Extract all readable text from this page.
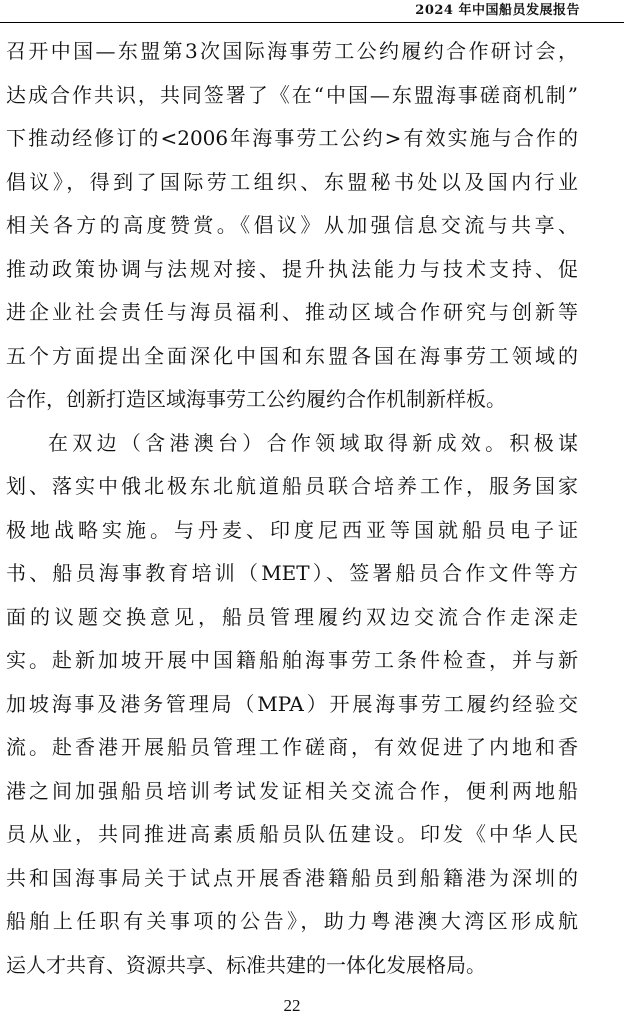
2024 年中国船员发展报告
召开中国—东盟第3次国际海事劳工公约履约合作研讨会，
达成合作共识，共同签署了《在“中国—东盟海事磋商机制”
下推动经修订的<2006年海事劳工公约>有效实施与合作的
倡议》，得到了国际劳工组织、东盟秘书处以及国内行业
相关各方的高度赞赏。《倡议》从加强信息交流与共享、
推动政策协调与法规对接、提升执法能力与技术支持、促
进企业社会责任与海员福利、推动区域合作研究与创新等
五个方面提出全面深化中国和东盟各国在海事劳工领域的
合作，创新打造区域海事劳工公约履约合作机制新样板。
在双边（含港澳台）合作领域取得新成效。积极谋
划、落实中俄北极东北航道船员联合培养工作，服务国家
极地战略实施。与丹麦、印度尼西亚等国就船员电子证
书、船员海事教育培训（MET）、签署船员合作文件等方
面的议题交换意见，船员管理履约双边交流合作走深走
实。赴新加坡开展中国籍船舶海事劳工条件检查，并与新
加坡海事及港务管理局（MPA）开展海事劳工履约经验交
流。赴香港开展船员管理工作磋商，有效促进了内地和香
港之间加强船员培训考试发证相关交流合作，便利两地船
员从业，共同推进高素质船员队伍建设。印发《中华人民
共和国海事局关于试点开展香港籍船员到船籍港为深圳的
船舶上任职有关事项的公告》，助力粤港澳大湾区形成航
运人才共育、资源共享、标准共建的一体化发展格局。
22
